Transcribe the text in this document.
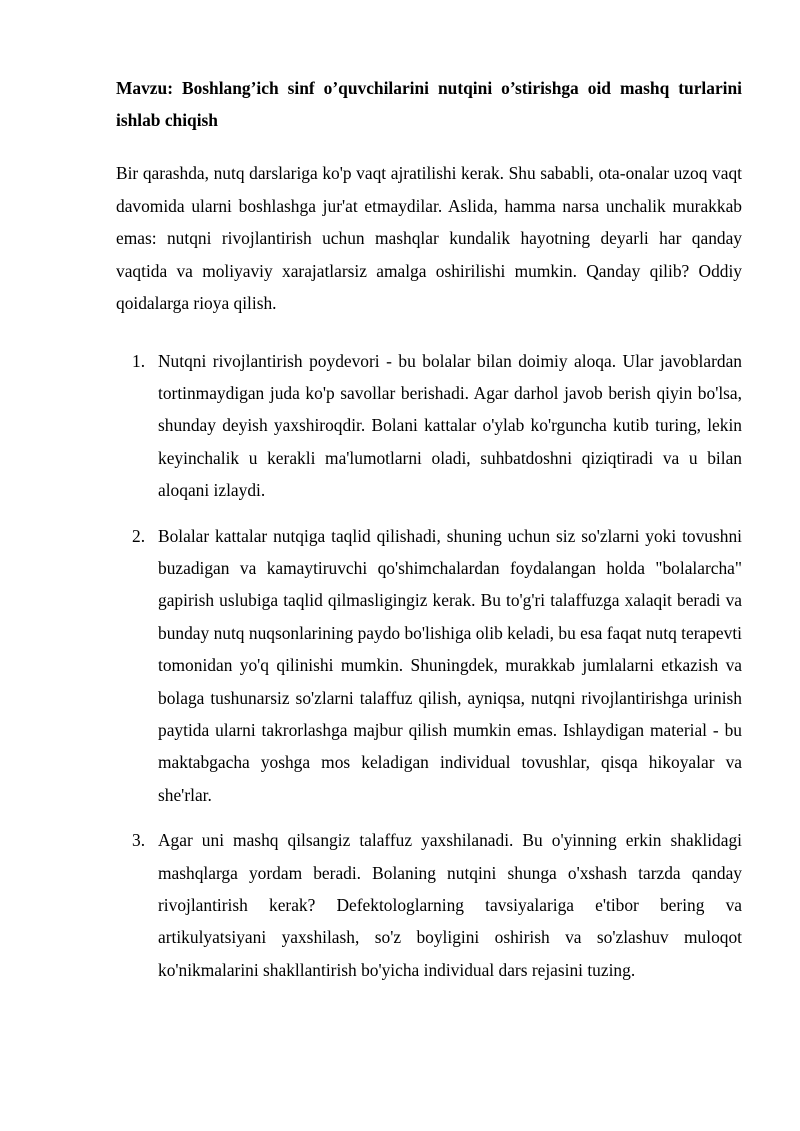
Mavzu: Boshlang’ich sinf o’quvchilarini nutqini o’stirishga oid mashq turlarini ishlab chiqish

Bir qarashda, nutq darslariga ko'p vaqt ajratilishi kerak. Shu sababli, ota-onalar uzoq vaqt davomida ularni boshlashga jur'at etmaydilar. Aslida, hamma narsa unchalik murakkab emas: nutqni rivojlantirish uchun mashqlar kundalik hayotning deyarli har qanday vaqtida va moliyaviy xarajatlarsiz amalga oshirilishi mumkin. Qanday qilib? Oddiy qoidalarga rioya qilish.

1. Nutqni rivojlantirish poydevori - bu bolalar bilan doimiy aloqa. Ular javoblardan tortinmaydigan juda ko'p savollar berishadi. Agar darhol javob berish qiyin bo'lsa, shunday deyish yaxshiroqdir. Bolani kattalar o'ylab ko'rguncha kutib turing, lekin keyinchalik u kerakli ma'lumotlarni oladi, suhbatdoshni qiziqtiradi va u bilan aloqani izlaydi.
2. Bolalar kattalar nutqiga taqlid qilishadi, shuning uchun siz so'zlarni yoki tovushni buzadigan va kamaytiruvchi qo'shimchalardan foydalangan holda "bolalarcha" gapirish uslubiga taqlid qilmasligingiz kerak. Bu to'g'ri talaffuzga xalaqit beradi va bunday nutq nuqsonlarining paydo bo'lishiga olib keladi, bu esa faqat nutq terapevti tomonidan yo'q qilinishi mumkin. Shuningdek, murakkab jumlalarni etkazish va bolaga tushunarsiz so'zlarni talaffuz qilish, ayniqsa, nutqni rivojlantirishga urinish paytida ularni takrorlashga majbur qilish mumkin emas. Ishlaydigan material - bu maktabgacha yoshga mos keladigan individual tovushlar, qisqa hikoyalar va she'rlar.
3. Agar uni mashq qilsangiz talaffuz yaxshilanadi. Bu o'yinning erkin shaklidagi mashqlarga yordam beradi. Bolaning nutqini shunga o'xshash tarzda qanday rivojlantirish kerak? Defektologlarning tavsiyalariga e'tibor bering va artikulyatsiyani yaxshilash, so'z boyligini oshirish va so'zlashuv muloqot ko'nikmalarini shakllantirish bo'yicha individual dars rejasini tuzing.
